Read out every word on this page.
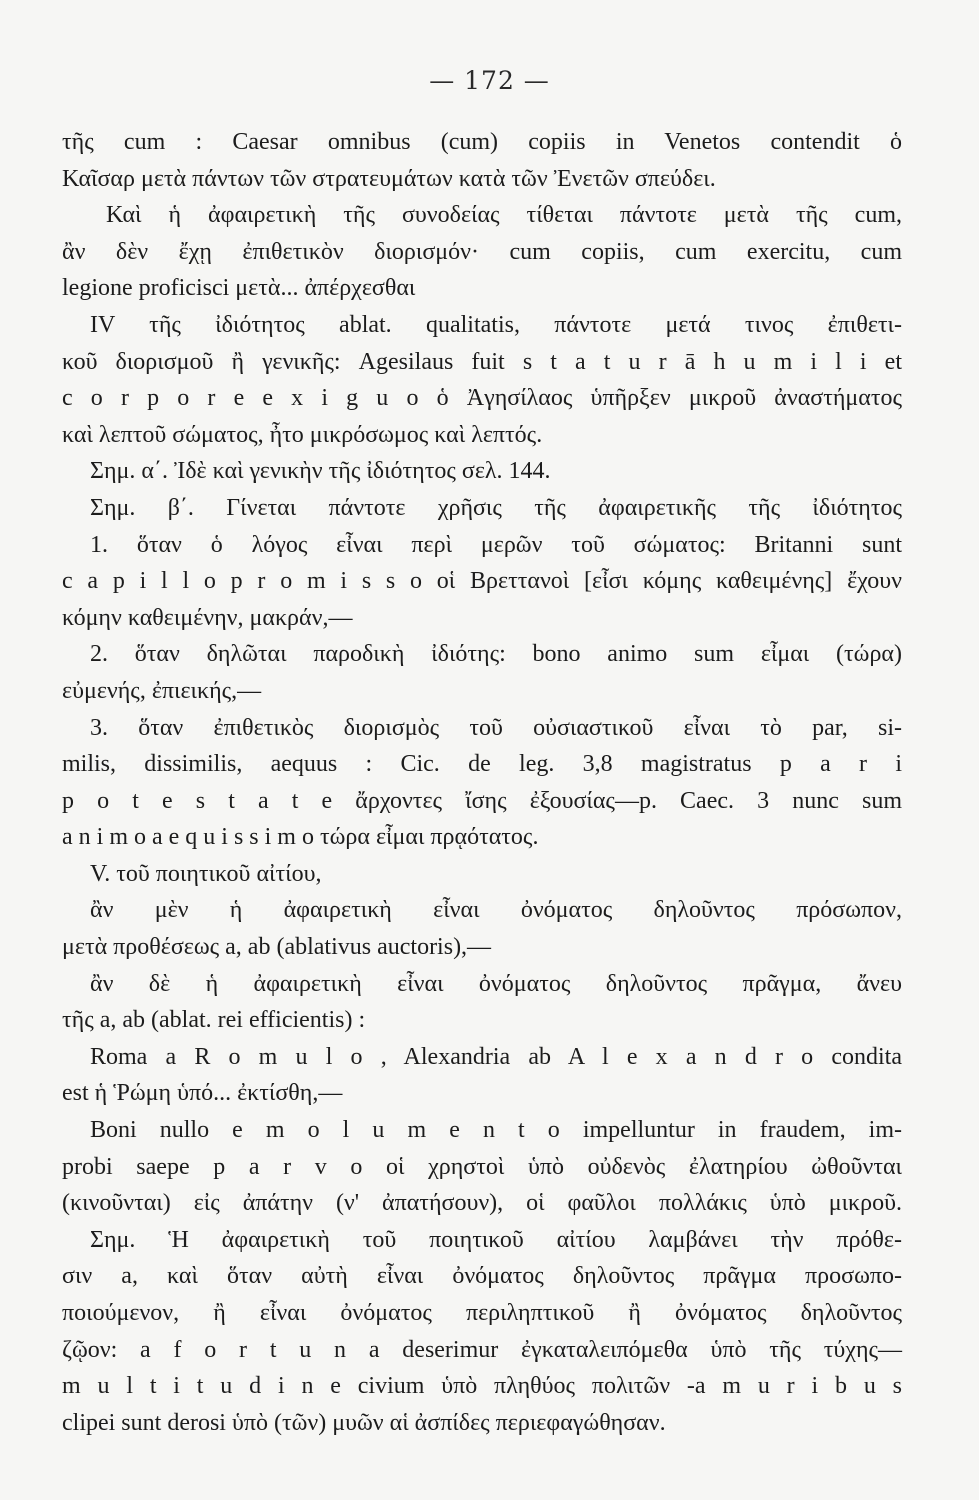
— 172 —
τῆς cum : Caesar omnibus (cum) copiis in Venetos contendit ὁ
Καῖσαρ μετὰ πάντων τῶν στρατευμάτων κατὰ τῶν Ἐνετῶν σπεύδει.
Καὶ ἡ ἀφαιρετικὴ τῆς συνοδείας τίθεται πάντοτε μετὰ τῆς cum,
ἂν δὲν ἔχῃ ἐπιθετικὸν διορισμόν· cum copiis, cum exercitu, cum
legione proficisci μετὰ... ἀπέρχεσθαι
IV τῆς ἰδιότητος ablat. qualitatis, πάντοτε μετά τινος ἐπιθετι-
κοῦ διορισμοῦ ἢ γενικῆς: Agesilaus fuit s t a t u r ā h u m i l i et
c o r p o r e e x i g u o ὁ Ἀγησίλαος ὑπῆρξεν μικροῦ ἀναστήματος
καὶ λεπτοῦ σώματος, ἦτο μικρόσωμος καὶ λεπτός.
Σημ. α΄. Ἰδὲ καὶ γενικὴν τῆς ἰδιότητος σελ. 144.
Σημ. β΄. Γίνεται πάντοτε χρῆσις τῆς ἀφαιρετικῆς τῆς ἰδιότητος
1. ὅταν ὁ λόγος εἶναι περὶ μερῶν τοῦ σώματος: Britanni sunt
c a p i l l o p r o m i s s o οἱ Βρεττανοὶ [εἶσι κόμης καθειμένης] ἔχουν
κόμην καθειμένην, μακράν,—
2. ὅταν δηλῶται παροδικὴ ἰδιότης: bono animo sum εἶμαι (τώρα)
εὐμενής, ἐπιεικής,—
3. ὅταν ἐπιθετικὸς διορισμὸς τοῦ οὐσιαστικοῦ εἶναι τὸ par, si-
milis, dissimilis, aequus : Cic. de leg. 3,8 magistratus p a r i
p o t e s t a t e ἄρχοντες ἴσης ἐξουσίας—p. Caec. 3 nunc sum
a n i m o a e q u i s s i m o τώρα εἶμαι πρᾳότατος.
V. τοῦ ποιητικοῦ αἰτίου,
ἂν μὲν ἡ ἀφαιρετικὴ εἶναι ὀνόματος δηλοῦντος πρόσωπον,
μετὰ προθέσεως a, ab (ablativus auctoris),—
ἂν δὲ ἡ ἀφαιρετικὴ εἶναι ὀνόματος δηλοῦντος πρᾶγμα, ἄνευ
τῆς a, ab (ablat. rei efficientis) :
Roma a R o m u l o , Alexandria ab A l e x a n d r o condita
est ἡ Ῥώμη ὑπό... ἐκτίσθη,—
Boni nullo e m o l u m e n t o impelluntur in fraudem, im-
probi saepe p a r v o οἱ χρηστοὶ ὑπὸ οὐδενὸς ἐλατηρίου ὠθοῦνται
(κινοῦνται) εἰς ἀπάτην (ν' ἀπατήσουν), οἱ φαῦλοι πολλάκις ὑπὸ μικροῦ.
Σημ. Ἡ ἀφαιρετικὴ τοῦ ποιητικοῦ αἰτίου λαμβάνει τὴν πρόθε-
σιν a, καὶ ὅταν αὐτὴ εἶναι ὀνόματος δηλοῦντος πρᾶγμα προσωπο-
ποιούμενον, ἢ εἶναι ὀνόματος περιληπτικοῦ ἢ ὀνόματος δηλοῦντος
ζῷον: a f o r t u n a deserimur ἐγκαταλειπόμεθα ὑπὸ τῆς τύχης—
m u l t i t u d i n e civium ὑπὸ πληθύος πολιτῶν -a m u r i b u s
clipei sunt derosi ὑπὸ (τῶν) μυῶν αἱ ἀσπίδες περιεφαγώθησαν.
